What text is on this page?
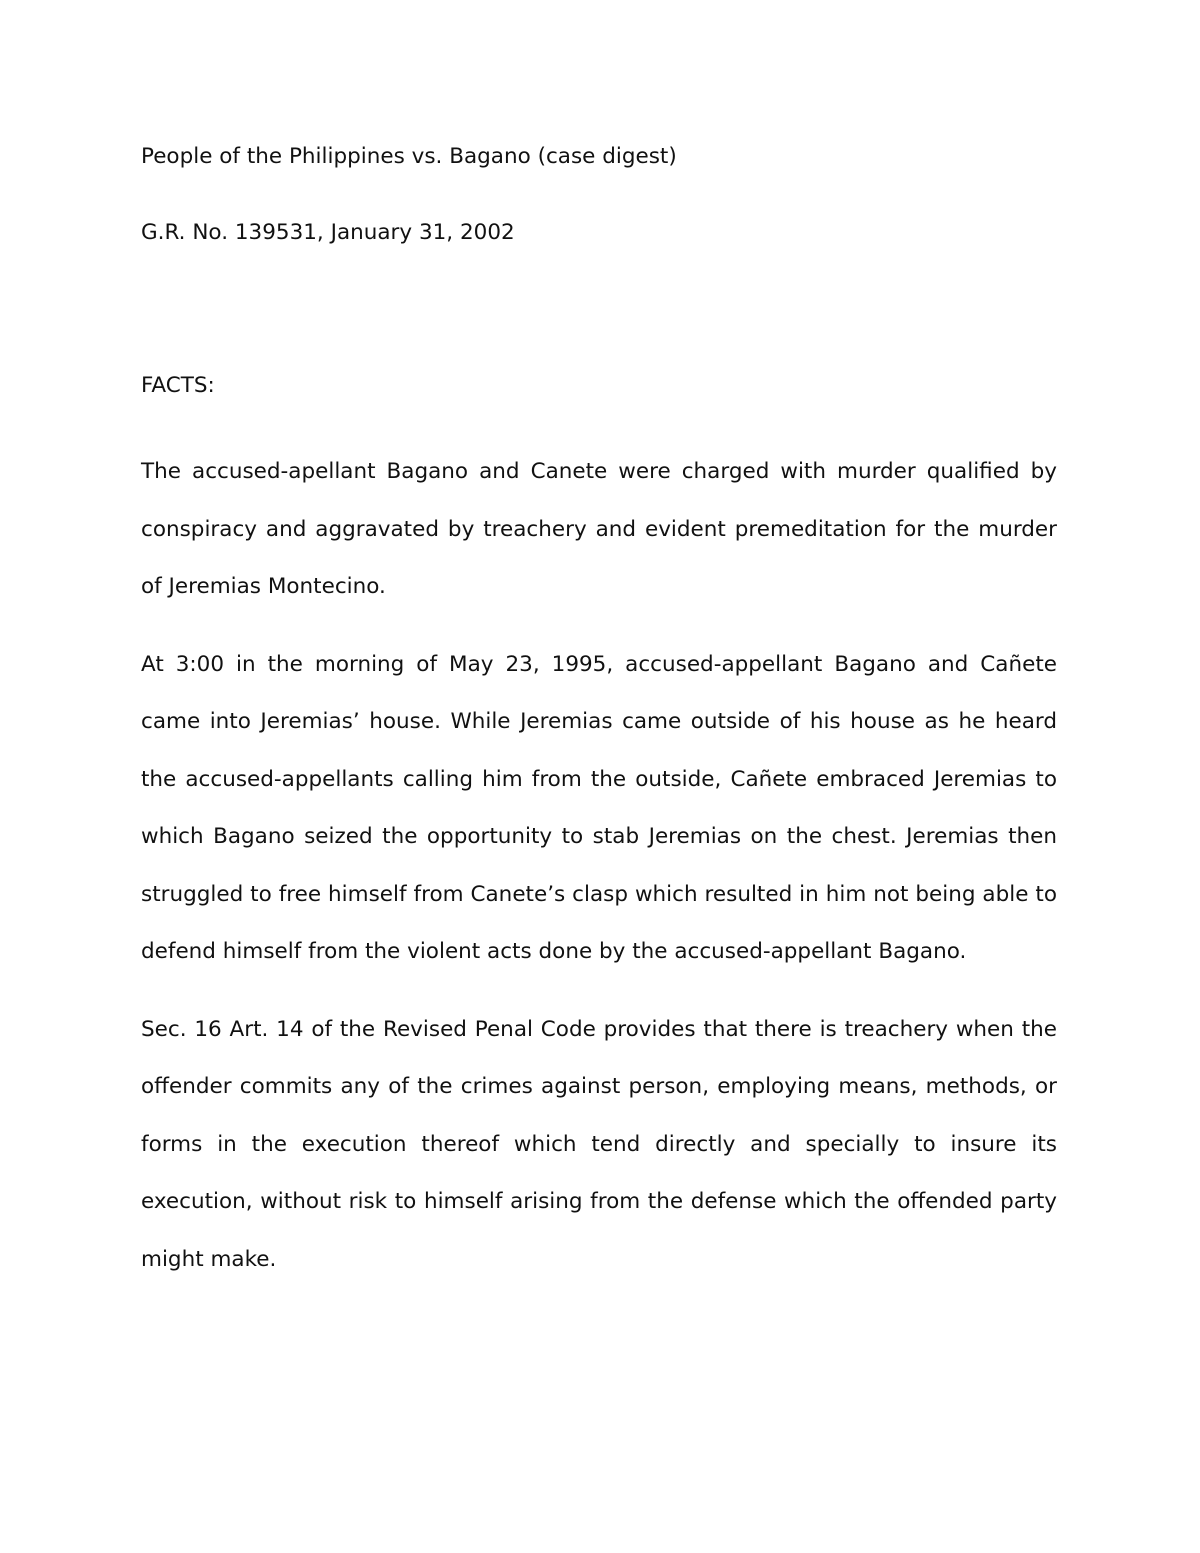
People of the Philippines vs. Bagano (case digest)

G.R. No. 139531, January 31, 2002

FACTS:

The accused-apellant Bagano and Canete were charged with murder qualified by conspiracy and aggravated by treachery and evident premeditation for the murder of Jeremias Montecino.

At 3:00 in the morning of May 23, 1995, accused-appellant Bagano and Cañete came into Jeremias’ house. While Jeremias came outside of his house as he heard the accused-appellants calling him from the outside, Cañete embraced Jeremias to which Bagano seized the opportunity to stab Jeremias on the chest. Jeremias then struggled to free himself from Canete’s clasp which resulted in him not being able to defend himself from the violent acts done by the accused-appellant Bagano.

Sec. 16 Art. 14 of the Revised Penal Code provides that there is treachery when the offender commits any of the crimes against person, employing means, methods, or forms in the execution thereof which tend directly and specially to insure its execution, without risk to himself arising from the defense which the offended party might make.
